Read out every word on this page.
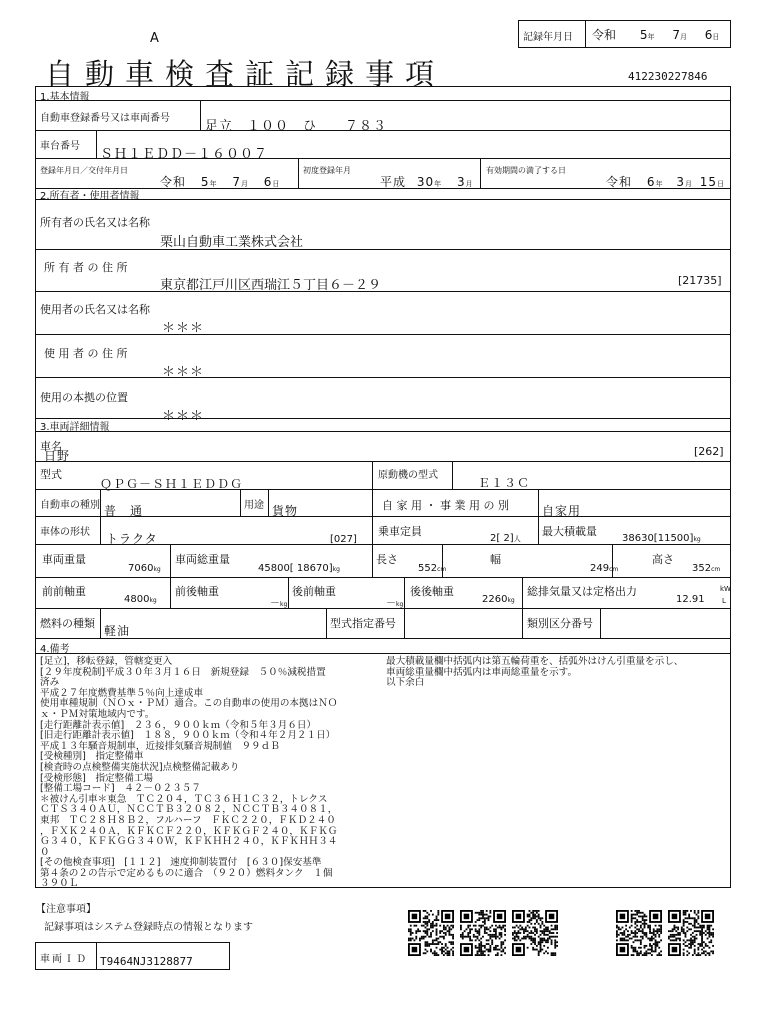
A
自動車検査証記録事項
記録年月日 令和 5年 7月 6日
412230227846
1.基本情報
自動車登録番号又は車両番号
足立　１００　ひ　　７８３
車台番号
ＳＨ１ＥＤＤ－１６００７
登録年月日／交付年月日
令和 5年 7月 6日
初度登録年月
平成 30年 3月
有効期間の満了する日
令和 6年 3月 15日
2.所有者・使用者情報
所有者の氏名又は名称
栗山自動車工業株式会社
所 有 者 の 住 所
東京都江戸川区西瑞江５丁目６－２９	[21735]
使用者の氏名又は名称
＊＊＊
使 用 者 の 住 所
＊＊＊
使用の本拠の位置
＊＊＊
3.車両詳細情報
車名
日野	[262]
型式
ＱＰＧ－ＳＨ１ＥＤＤＧ
原動機の型式
Ｅ１３Ｃ
自動車の種別 普　通	用途 貨物	自 家 用 ・ 事 業 用 の 別	自家用
車体の形状 トラクタ	[027]
乗車定員
2[ 2]人
最大積載量
38630[11500]kg
車両重量
7060kg
車両総重量
45800[ 18670]kg
長さ
552cm
幅
249cm
高さ
352cm
前前軸重
4800kg
前後軸重
－kg
後前軸重
－kg
後後軸重
2260kg
総排気量又は定格出力
12.91
kW
L
燃料の種類
軽油
型式指定番号	類別区分番号
4.備考
[足立]，移転登録，管轄変更入
[２９年度税制]平成３０年３月１６日　新規登録　５０％減税措置
済み
平成２７年度燃費基準５％向上達成車
使用車種規制（ＮＯｘ・ＰＭ）適合。この自動車の使用の本拠はＮＯ
ｘ・ＰＭ対策地域内です。
[走行距離計表示値]　２３６，９００ｋｍ（令和５年３月６日）
[旧走行距離計表示値]　１８８，９００ｋｍ（令和４年２月２１日）
平成１３年騒音規制車，近接排気騒音規制値　９９ｄＢ
[受検種別]　指定整備車
[検査時の点検整備実施状況]点検整備記載あり
[受検形態]　指定整備工場
[整備工場コード]　４２－０２３５７
＊被けん引車＊東急　ＴＣ２０４，ＴＣ３６Ｈ１Ｃ３２，トレクス
ＣＴＳ３４０ＡＵ，ＮＣＣＴＢ３２０８２，ＮＣＣＴＢ３４０８１，
東邦　ＴＣ２８Ｈ８Ｂ２，フルハーフ　ＦＫＣ２２０，ＦＫＤ２４０
，ＦＸＫ２４０Ａ，ＫＦＫＣＦ２２０，ＫＦＫＧＦ２４０，ＫＦＫＧ
Ｇ３４０，ＫＦＫＧＧ３４０Ｗ，ＫＦＫＨＨ２４０，ＫＦＫＨＨ３４
０
[その他検査事項]　[１１２]　速度抑制装置付　[６３０]保安基準
第４条の２の告示で定めるものに適合　（９２０）燃料タンク　１個
３９０Ｌ
最大積載量欄中括弧内は第五輪荷重を、括弧外はけん引重量を示し、
車両総重量欄中括弧内は車両総重量を示す。
以下余白
【注意事項】
記録事項はシステム登録時点の情報となります
車両ＩＤ T9464NJ3128877
